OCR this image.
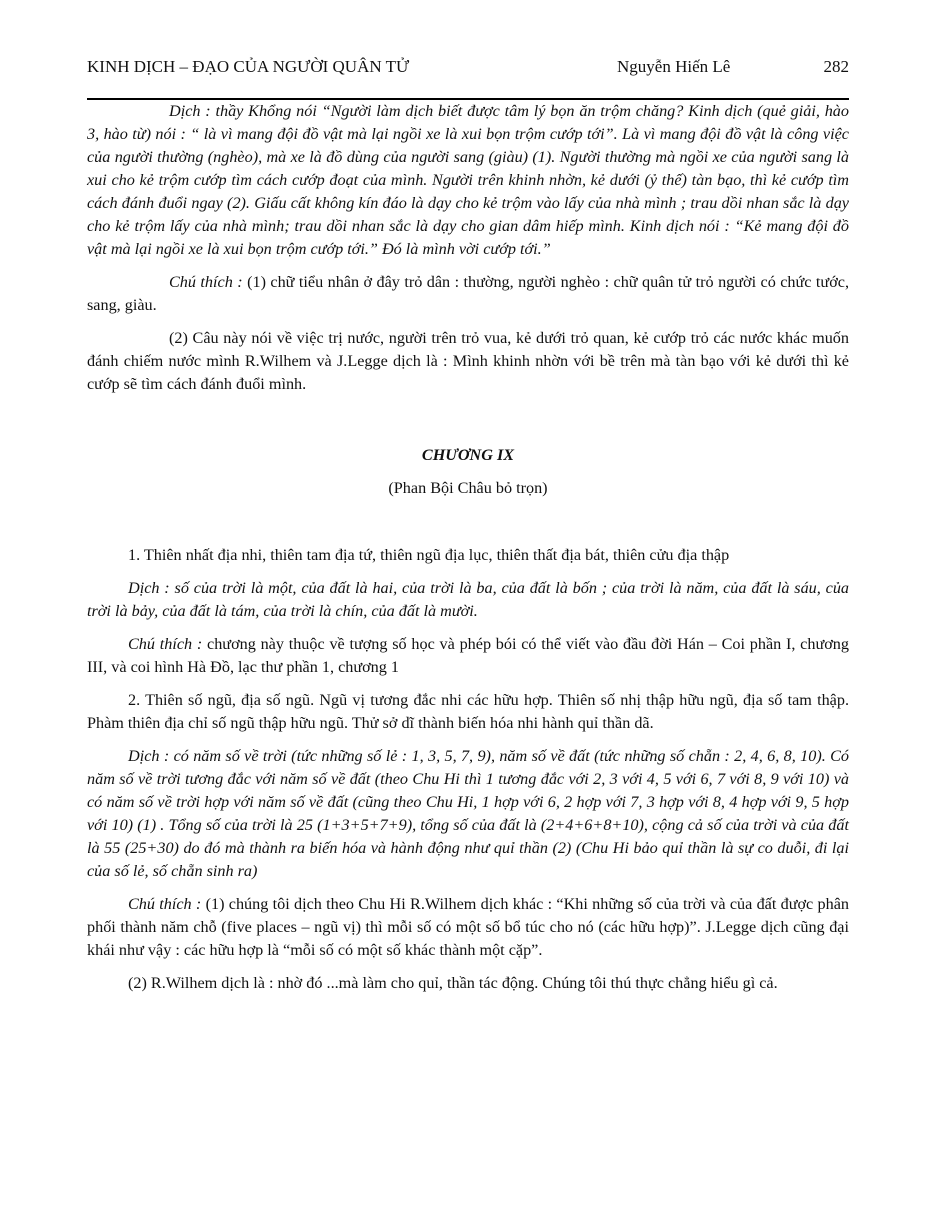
KINH DỊCH – ĐẠO CỦA NGƯỜI QUÂN TỬ	Nguyễn Hiến Lê	282

Dịch : thầy Khổng nói “Người làm dịch biết được tâm lý bọn ăn trộm chăng? Kinh dịch (quẻ giải, hào 3, hào từ) nói : “ là vì mang đội đồ vật mà lại ngồi xe là xui bọn trộm cướp tới”. Là vì mang đội đồ vật là công việc của người thường (nghèo), mà xe là đồ dùng của người sang (giàu) (1). Người thường mà ngồi xe của người sang là xui cho kẻ trộm cướp tìm cách cướp đoạt của mình. Người trên khinh nhờn, kẻ dưới (ỷ thế) tàn bạo, thì kẻ cướp tìm cách đánh đuổi ngay (2). Giấu cất không kín đáo là dạy cho kẻ trộm vào lấy của nhà mình ; trau dồi nhan sắc là dạy cho kẻ trộm lấy của nhà mình; trau dồi nhan sắc là dạy cho gian dâm hiếp mình. Kinh dịch nói : “Kẻ mang đội đồ vật mà lại ngồi xe là xui bọn trộm cướp tới.” Đó là mình vời cướp tới.”

Chú thích : (1) chữ tiểu nhân ở đây trỏ dân : thường, người nghèo : chữ quân tử trỏ người có chức tước, sang, giàu.

(2) Câu này nói về việc trị nước, người trên trỏ vua, kẻ dưới trỏ quan, kẻ cướp trỏ các nước khác muốn đánh chiếm nước mình R.Wilhem và J.Legge dịch là : Mình khinh nhờn với bề trên mà tàn bạo với kẻ dưới thì kẻ cướp sẽ tìm cách đánh đuổi mình.

CHƯƠNG IX

(Phan Bội Châu bỏ trọn)

1. Thiên nhất địa nhi, thiên tam địa tứ, thiên ngũ địa lục, thiên thất địa bát, thiên cửu địa thập

Dịch : số của trời là một, của đất là hai, của trời là ba, của đất là bốn ; của trời là năm, của đất là sáu, của trời là bảy, của đất là tám, của trời là chín, của đất là mười.

Chú thích : chương này thuộc về tượng số học và phép bói có thể viết vào đầu đời Hán – Coi phần I, chương III, và coi hình Hà Đồ, lạc thư phần 1, chương 1

2. Thiên số ngũ, địa số ngũ. Ngũ vị tương đắc nhi các hữu hợp. Thiên số nhị thập hữu ngũ, địa số tam thập. Phàm thiên địa chỉ số ngũ thập hữu ngũ. Thử sở dĩ thành biến hóa nhi hành quỉ thần dã.

Dịch : có năm số về trời (tức những số lẻ : 1, 3, 5, 7, 9), năm số về đất (tức những số chẵn : 2, 4, 6, 8, 10). Có năm số về trời tương đắc với năm số về đất (theo Chu Hi thì 1 tương đắc với 2, 3 với 4, 5 với 6, 7 với 8, 9 với 10) và có năm số về trời hợp với năm số về đất (cũng theo Chu Hi, 1 hợp với 6, 2 hợp với 7, 3 hợp với 8, 4 hợp với 9, 5 hợp với 10) (1) . Tổng số của trời là 25 (1+3+5+7+9), tổng số của đất là (2+4+6+8+10), cộng cả số của trời và của đất là 55 (25+30) do đó mà thành ra biến hóa và hành động như quỉ thần (2) (Chu Hi bảo quỉ thần là sự co duỗi, đi lại của số lẻ, số chẵn sinh ra)

Chú thích : (1) chúng tôi dịch theo Chu Hi R.Wilhem dịch khác : “Khi những số của trời và của đất được phân phối thành năm chỗ (five places – ngũ vị) thì mỗi số có một số bổ túc cho nó (các hữu hợp)”. J.Legge dịch cũng đại khái như vậy : các hữu hợp là “mỗi số có một số khác thành một cặp”.

(2) R.Wilhem dịch là : nhờ đó ...mà làm cho quỉ, thần tác động. Chúng tôi thú thực chẳng hiểu gì cả.
